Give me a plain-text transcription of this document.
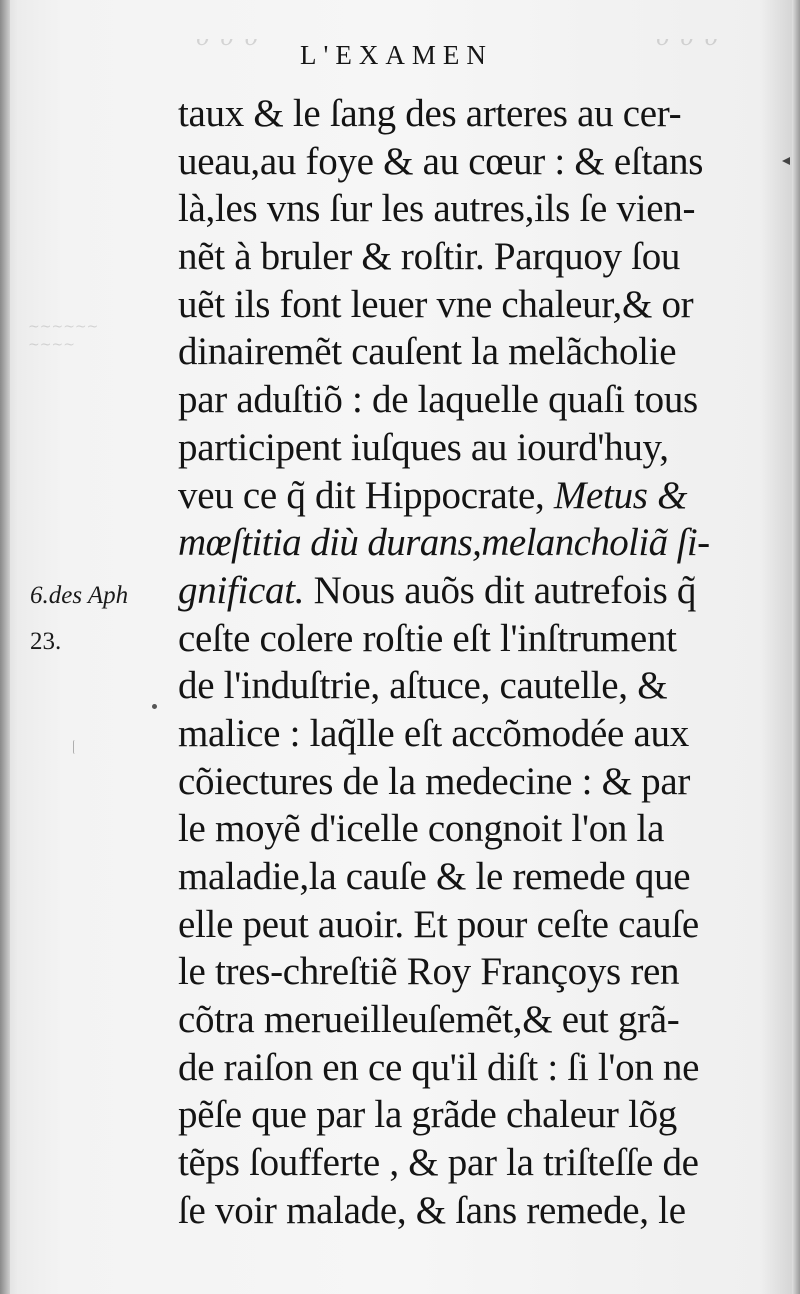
ᴗ ᴗ ᴗ	ᴗ ᴗ ᴗ
~~~~~~
~~~~
L'EXAMEN
taux & le ſang des arteres au cer-
ueau,au foye & au cœur : & eſtans
là,les vns ſur les autres,ils ſe vien-
nẽt à bruler & roſtir. Parquoy ſou
uẽt ils font leuer vne chaleur,& or
dinairemẽt cauſent la melãcholie
par aduſtiõ : de laquelle quaſi tous
participent iuſques au iourd'huy,
veu ce q̃ dit Hippocrate, Metus &
mœſtitia diù durans,melancholiã ſi-
gnificat. Nous auõs dit autrefois q̃
ceſte colere roſtie eſt l'inſtrument
de l'induſtrie, aſtuce, cautelle, &
malice : laq̃lle eſt accõmodée aux
cõiectures de la medecine : & par
le moyẽ d'icelle congnoit l'on la
maladie,la cauſe & le remede que
elle peut auoir. Et pour ceſte cauſe
le tres-chreſtiẽ Roy Françoys ren
cõtra merueilleuſemẽt,& eut grã-
de raiſon en ce qu'il diſt : ſi l'on ne
pẽſe que par la grãde chaleur lõg
tẽps ſoufferte , & par la triſteſſe de
ſe voir malade, & ſans remede, le
6.des Aph
23.
